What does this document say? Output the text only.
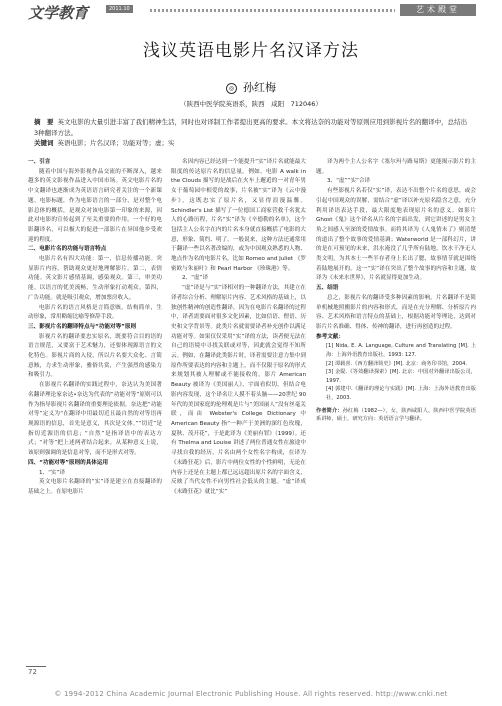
文学教育	2011.10	艺术殿堂
浅议英语电影片名汉译方法
◎ 孙红梅
（陕西中医学院英语系，陕西　咸阳　712046）
摘　要 英文电影的大量引进丰富了我们精神生活，同时也对译制工作者提出更高的要求。本文将达奈的功能对等原则应用到影视片名的翻译中，总结出 3种翻译方法。
关键词 英语电影；片名汉译；功能对等；虚；实

一、引言

随着中国与海外影视作品交流的不断深入，越来越多的英文影视作品进入中国市场。英文电影片名的中文翻译也逐渐成为英语语言研究者关注的一个新课题。电影标题，作为电影语言的一部分，是对整个电影总体的概括，是观众对该电影第一印象的来源，因此对电影的宣传起到了至关重要的作用。一个好的电影翻译名，可以极大的促进一部影片在异国他乡受欢迎的程度。

二、电影片名的功能与语言特点

电影片名有四大功能：第一，信息传播功能。突显影片内容，帮助观众更好地理解影片。第二，表情功能。英文影片感情基调，感染观众。第三，审美功能。以语言的优美流畅，生动形象打动观众。第四，广告功能。就是吸引观众，增加票房收入。

电影片名的语言风格是言简意赅，结构简单，生动形象，常用略缩比喻等修辞手段。

三、影视片名的翻译特点与“功能对等”原则

影视片名的翻译要忠实原名，既要符合目的语的语言规范，又要富于艺术魅力，还要体现源语言的文化特色。影视片商的入侵，所以片名要大众化、言简意赅，力求生动形象，雅俗共赏，产生强烈的感染力和吸引力。

在影视片名翻译的实践过程中，奈达认为美国著名翻译理论家奈达•奈达为代表的“功能对等”原则可以作为指导影视片名翻译的重要理论依据。奈达把“功能对等”定义为“在翻译中用最切近且最自然的对等语再现源语的信息，首先是意义，其次是文体。”“切近”是指切近源语的信息；“自然”是指译语中的表达方式；“对等”把上述两者结合起来。从某种意义上说，该原则强调的是信息对等，而不是形式对等。

四、“功能对等”原则的具体运用

1、“实”译

英文电影片名翻译的“实”译是建立在直接翻译的基础之上。在原电影片

名因内容已经达到一个能提升“实”译片名就能最大限度的传达原片名的信息量。例如，电影 A walk in the Clouds 描写的是战后在火车上邂逅的一对青年男女于葡萄园中相爱的故事，片名被“实”译为《云中漫步》，这既忠实了原片名，又显得浪漫温馨。Schindler's List 描写了一位德国工商家营救千名犹太人的心路历程，片名“实”译为《辛德勒的名单》，这个包括主人公名字在内的片名本身就直接概括了电影的大意，形象、简约、明了。一般说来，这种方法还通常用于翻译一些以名著改编的，或为中国观众熟悉的人物、地点作为名的电影片名，比如 Romeo and Juliet 《罗密欧与朱丽叶》和 Pearl Harbor 《珍珠港》等。

2、“虚”译

“虚”译是与“实”译相对的一种翻译方法，其建立在译者综合分析、理解原片内容、艺术风格的基础上，以独创性精神的创造性翻译。因为在电影片名翻译的过程中，译者需要面对很多文化因素，比如信语、俚语、历史和文学背景等。此类片名就需要译者补充创作以满足功能对等。如果仅仅采用“实”译的方法，读者便无法在自己的语境中寻找关联或对等，因此就会觉得不知所云。例如，在翻译此类影片时，译者需要注意力集中到原作所要表达的内容和主题上，而不仅限于原名的形式来规划其被人理解或不能接收的。影片 American Beauty 被译为《美国丽人》，宇面看似切，但结合电影内容发现，这个译名让人摸不着头脑——20世纪 90年代的美国家庭的伦理观是片与“美国丽人”没有丝毫关联，而由 Webster's College Dictionary 中 American Beauty 指“一种产于美洲的深红色玫瑰，夏秋、茂开花”，于是此译为《美丽有罪》（1999）。还有 Thelma and Louise 讲述了两位普通女性在旅途中寻找自我的经历，片名由两个女性名字构成，在译为《末路狂花》后，影片中两位女性的个性鲜明，无论在内容上还是在主题上都已远远超出原片名的字面含义，反映了当代女性不向男性社会低头的主题。“虚”译成《末路狂花》就比“实”

译为两个主人公名字《塞尔玛与路易斯》更能揭示影片的主题。

3、“虚”“实”合译

有些影视片名若仅“实”译，表达不出整个片名的意思，或会引起中国观众的误解，需结合“虚”译以补充原名隐含之意，充分利用译语表达手段，最大限度地表现原片名的意义。如影片 Ghost《鬼》这个译名从片名的字面出发，到它讲述的是男女主角之间感人至深的爱情故事。而将其译为《人鬼情未了》则清楚的道出了整个故事的爱情基调；Waterworld 是一部科幻片，讲的是在可预见的未来，洪水淹没了几乎所有陆地，饮水干净无人类文明，为其本土一些半存者身上长出了腮，故事情节就是围绕着陆地展开的。这一“实”译在突出了整个故事的内容和主题，故译为《未来水世界》，片名就显得更加生动。

五、结语

总之，影视片名的翻译受多种因素的影响。片名翻译不是简单机械地照搬影片的内容和形式，而是在充分理解、分析原片内容、艺术风格和语言特点的基础上，根据功能对等理论，达到对影片片名准确、得体、传神的翻译，进行再创造的过程。

参考文献：

[1] Nida, E. A. Language, Culture and Translating [M]. 上海：上海外语教育出版社，1993: 127.

[2] 谭载喜.《西方翻译简史》[M]. 北京：商务印书馆，2004.

[3] 金隄.《等效翻译探索》[M]. 北京：中国对外翻译出版公司，1997.

[4] 郭建中.《翻译的理论与实践》[M]. 上海：上海外语教育出版社，2003.

作者简介：孙红梅（1982—），女，陕西咸阳人，陕西中医学院英语系讲师，硕士，研究方向：英语语言学与翻译。

72
© 1994-2012 China Academic Journal Electronic Publishing House. All rights reserved. http://www.cnki.net
